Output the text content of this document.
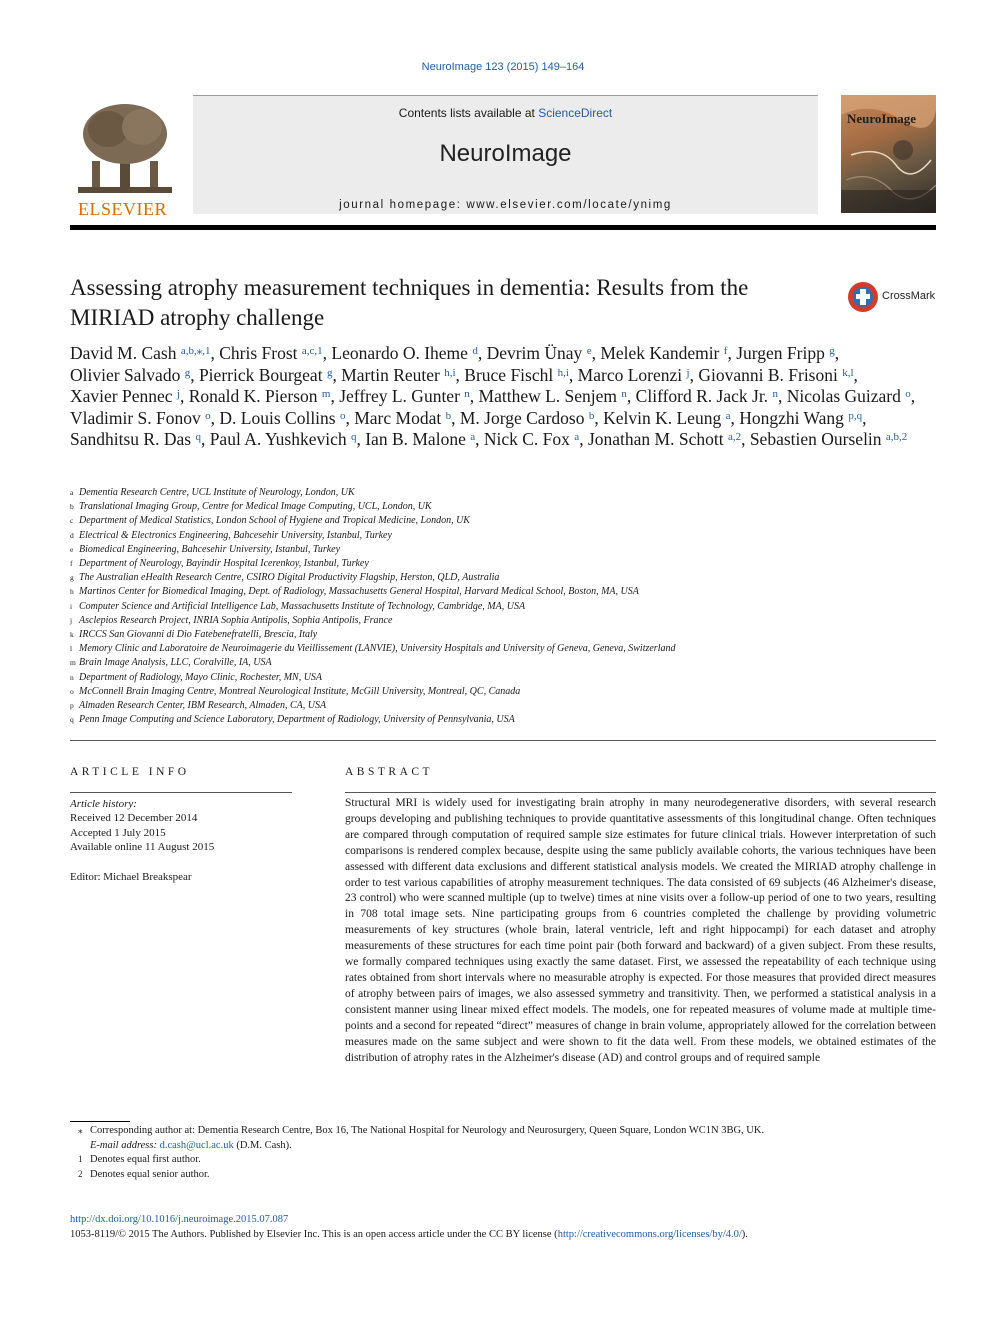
NeuroImage 123 (2015) 149–164
ELSEVIER
Contents lists available at ScienceDirect
NeuroImage
journal homepage: www.elsevier.com/locate/ynimg
NeuroImage
Assessing atrophy measurement techniques in dementia: Results from the MIRIAD atrophy challenge
CrossMark
David M. Cash $^{a,b,⁎,1}$, Chris Frost $^{a,c,1}$, Leonardo O. Iheme $^d$, Devrim Ünay $^e$, Melek Kandemir $^f$, Jurgen Fripp $^g$, Olivier Salvado $^g$, Pierrick Bourgeat $^g$, Martin Reuter $^{h,i}$, Bruce Fischl $^{h,i}$, Marco Lorenzi $^j$, Giovanni B. Frisoni $^{k,l}$, Xavier Pennec $^j$, Ronald K. Pierson $^m$, Jeffrey L. Gunter $^n$, Matthew L. Senjem $^n$, Clifford R. Jack Jr. $^n$, Nicolas Guizard $^o$, Vladimir S. Fonov $^o$, D. Louis Collins $^o$, Marc Modat $^b$, M. Jorge Cardoso $^b$, Kelvin K. Leung $^a$, Hongzhi Wang $^{p,q}$, Sandhitsu R. Das $^q$, Paul A. Yushkevich $^q$, Ian B. Malone $^a$, Nick C. Fox $^a$, Jonathan M. Schott $^{a,2}$, Sebastien Ourselin $^{a,b,2}$
a Dementia Research Centre, UCL Institute of Neurology, London, UK
b Translational Imaging Group, Centre for Medical Image Computing, UCL, London, UK
c Department of Medical Statistics, London School of Hygiene and Tropical Medicine, London, UK
d Electrical & Electronics Engineering, Bahcesehir University, Istanbul, Turkey
e Biomedical Engineering, Bahcesehir University, Istanbul, Turkey
f Department of Neurology, Bayindir Hospital Icerenkoy, Istanbul, Turkey
g The Australian eHealth Research Centre, CSIRO Digital Productivity Flagship, Herston, QLD, Australia
h Martinos Center for Biomedical Imaging, Dept. of Radiology, Massachusetts General Hospital, Harvard Medical School, Boston, MA, USA
i Computer Science and Artificial Intelligence Lab, Massachusetts Institute of Technology, Cambridge, MA, USA
j Asclepios Research Project, INRIA Sophia Antipolis, Sophia Antipolis, France
k IRCCS San Giovanni di Dio Fatebenefratelli, Brescia, Italy
l Memory Clinic and Laboratoire de Neuroimagerie du Vieillissement (LANVIE), University Hospitals and University of Geneva, Geneva, Switzerland
m Brain Image Analysis, LLC, Coralville, IA, USA
n Department of Radiology, Mayo Clinic, Rochester, MN, USA
o McConnell Brain Imaging Centre, Montreal Neurological Institute, McGill University, Montreal, QC, Canada
p Almaden Research Center, IBM Research, Almaden, CA, USA
q Penn Image Computing and Science Laboratory, Department of Radiology, University of Pennsylvania, USA
ARTICLE INFO	ABSTRACT
Article history:
Received 12 December 2014
Accepted 1 July 2015
Available online 11 August 2015
Editor: Michael Breakspear
Structural MRI is widely used for investigating brain atrophy in many neurodegenerative disorders, with several research groups developing and publishing techniques to provide quantitative assessments of this longitudinal change. Often techniques are compared through computation of required sample size estimates for future clinical trials. However interpretation of such comparisons is rendered complex because, despite using the same publicly available cohorts, the various techniques have been assessed with different data exclusions and different statistical analysis models. We created the MIRIAD atrophy challenge in order to test various capabilities of atrophy measurement techniques. The data consisted of 69 subjects (46 Alzheimer's disease, 23 control) who were scanned multiple (up to twelve) times at nine visits over a follow-up period of one to two years, resulting in 708 total image sets. Nine participating groups from 6 countries completed the challenge by providing volumetric measurements of key structures (whole brain, lateral ventricle, left and right hippocampi) for each dataset and atrophy measurements of these structures for each time point pair (both forward and backward) of a given subject. From these results, we formally compared techniques using exactly the same dataset. First, we assessed the repeatability of each technique using rates obtained from short intervals where no measurable atrophy is expected. For those measures that provided direct measures of atrophy between pairs of images, we also assessed symmetry and transitivity. Then, we performed a statistical analysis in a consistent manner using linear mixed effect models. The models, one for repeated measures of volume made at multiple time-points and a second for repeated “direct” measures of change in brain volume, appropriately allowed for the correlation between measures made on the same subject and were shown to fit the data well. From these models, we obtained estimates of the distribution of atrophy rates in the Alzheimer's disease (AD) and control groups and of required sample
⁎ Corresponding author at: Dementia Research Centre, Box 16, The National Hospital for Neurology and Neurosurgery, Queen Square, London WC1N 3BG, UK.
E-mail address: d.cash@ucl.ac.uk (D.M. Cash).
1 Denotes equal first author.
2 Denotes equal senior author.
http://dx.doi.org/10.1016/j.neuroimage.2015.07.087
1053-8119/© 2015 The Authors. Published by Elsevier Inc. This is an open access article under the CC BY license (http://creativecommons.org/licenses/by/4.0/).
